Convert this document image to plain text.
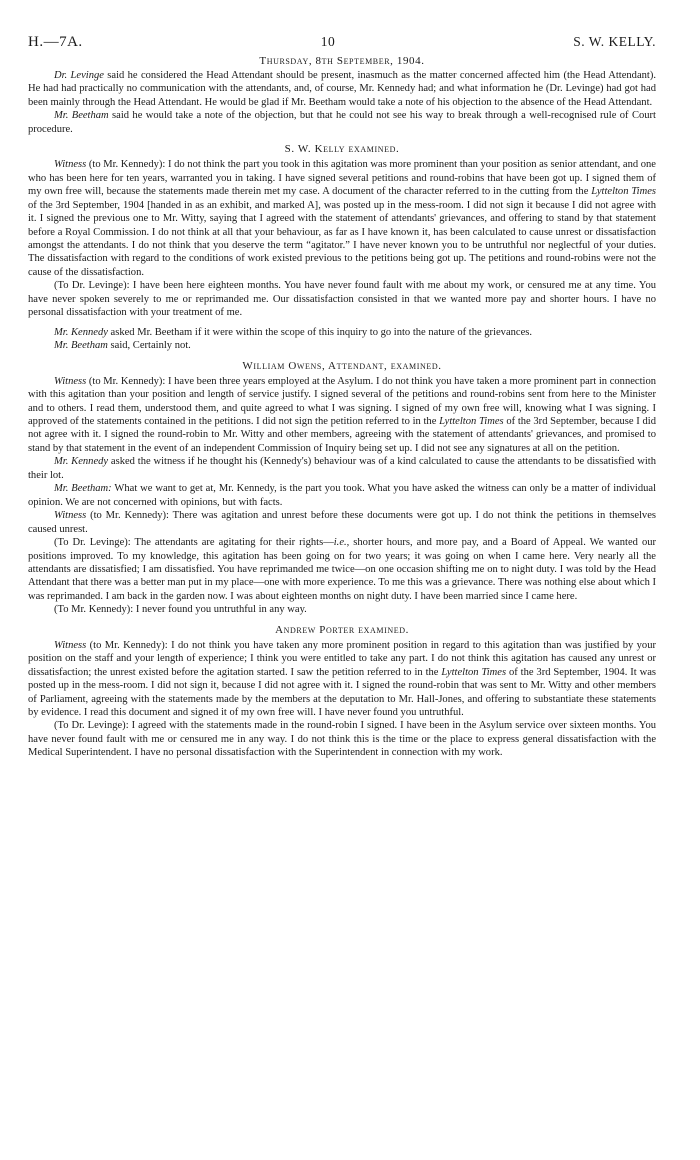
H.—7A.	10	S. W. KELLY.
Thursday, 8th September, 1904.

Dr. Levinge said he considered the Head Attendant should be present, inasmuch as the matter concerned affected him (the Head Attendant). He had had practically no communication with the attendants, and, of course, Mr. Kennedy had; and what information he (Dr. Levinge) had got had been mainly through the Head Attendant. He would be glad if Mr. Beetham would take a note of his objection to the absence of the Head Attendant.

Mr. Beetham said he would take a note of the objection, but that he could not see his way to break through a well-recognised rule of Court procedure.

S. W. Kelly examined.

Witness (to Mr. Kennedy): I do not think the part you took in this agitation was more prominent than your position as senior attendant, and one who has been here for ten years, warranted you in taking. I have signed several petitions and round-robins that have been got up. I signed them of my own free will, because the statements made therein met my case. A document of the character referred to in the cutting from the Lyttelton Times of the 3rd September, 1904 [handed in as an exhibit, and marked A], was posted up in the mess-room. I did not sign it because I did not agree with it. I signed the previous one to Mr. Witty, saying that I agreed with the statement of attendants' grievances, and offering to stand by that statement before a Royal Commission. I do not think at all that your behaviour, as far as I have known it, has been calculated to cause unrest or dissatisfaction amongst the attendants. I do not think that you deserve the term “agitator.” I have never known you to be untruthful nor neglectful of your duties. The dissatisfaction with regard to the conditions of work existed previous to the petitions being got up. The petitions and round-robins were not the cause of the dissatisfaction.

(To Dr. Levinge): I have been here eighteen months. You have never found fault with me about my work, or censured me at any time. You have never spoken severely to me or reprimanded me. Our dissatisfaction consisted in that we wanted more pay and shorter hours. I have no personal dissatisfaction with your treatment of me.

Mr. Kennedy asked Mr. Beetham if it were within the scope of this inquiry to go into the nature of the grievances.

Mr. Beetham said, Certainly not.

William Owens, Attendant, examined.

Witness (to Mr. Kennedy): I have been three years employed at the Asylum. I do not think you have taken a more prominent part in connection with this agitation than your position and length of service justify. I signed several of the petitions and round-robins sent from here to the Minister and to others. I read them, understood them, and quite agreed to what I was signing. I signed of my own free will, knowing what I was signing. I approved of the statements contained in the petitions. I did not sign the petition referred to in the Lyttelton Times of the 3rd September, because I did not agree with it. I signed the round-robin to Mr. Witty and other members, agreeing with the statement of attendants' grievances, and promised to stand by that statement in the event of an independent Commission of Inquiry being set up. I did not see any signatures at all on the petition.

Mr. Kennedy asked the witness if he thought his (Kennedy's) behaviour was of a kind calculated to cause the attendants to be dissatisfied with their lot.

Mr. Beetham: What we want to get at, Mr. Kennedy, is the part you took. What you have asked the witness can only be a matter of individual opinion. We are not concerned with opinions, but with facts.

Witness (to Mr. Kennedy): There was agitation and unrest before these documents were got up. I do not think the petitions in themselves caused unrest.

(To Dr. Levinge): The attendants are agitating for their rights—i.e., shorter hours, and more pay, and a Board of Appeal. We wanted our positions improved. To my knowledge, this agitation has been going on for two years; it was going on when I came here. Very nearly all the attendants are dissatisfied; I am dissatisfied. You have reprimanded me twice—on one occasion shifting me on to night duty. I was told by the Head Attendant that there was a better man put in my place—one with more experience. To me this was a grievance. There was nothing else about which I was reprimanded. I am back in the garden now. I was about eighteen months on night duty. I have been married since I came here.

(To Mr. Kennedy): I never found you untruthful in any way.

Andrew Porter examined.

Witness (to Mr. Kennedy): I do not think you have taken any more prominent position in regard to this agitation than was justified by your position on the staff and your length of experience; I think you were entitled to take any part. I do not think this agitation has caused any unrest or dissatisfaction; the unrest existed before the agitation started. I saw the petition referred to in the Lyttelton Times of the 3rd September, 1904. It was posted up in the mess-room. I did not sign it, because I did not agree with it. I signed the round-robin that was sent to Mr. Witty and other members of Parliament, agreeing with the statements made by the members at the deputation to Mr. Hall-Jones, and offering to substantiate these statements by evidence. I read this document and signed it of my own free will. I have never found you untruthful.

(To Dr. Levinge): I agreed with the statements made in the round-robin I signed. I have been in the Asylum service over sixteen months. You have never found fault with me or censured me in any way. I do not think this is the time or the place to express general dissatisfaction with the Medical Superintendent. I have no personal dissatisfaction with the Superintendent in connection with my work.
